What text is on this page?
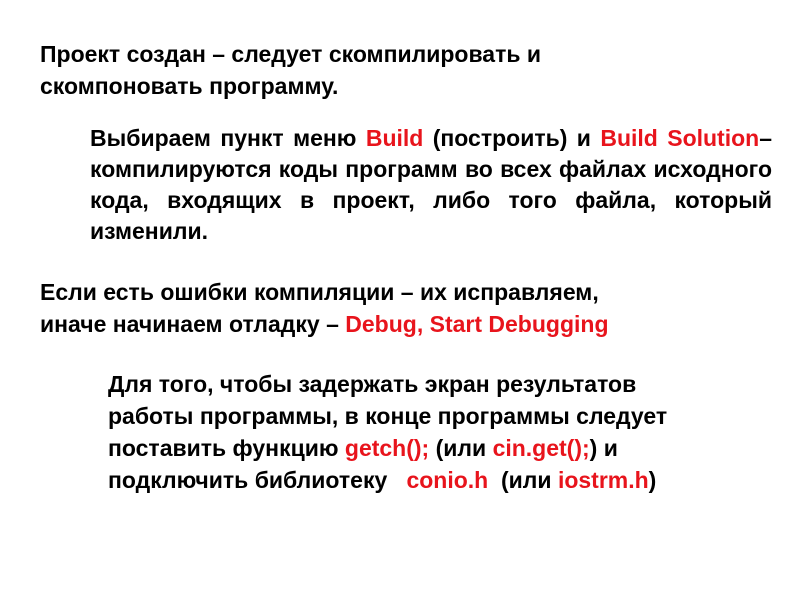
Проект создан – следует скомпилировать и
скомпоновать программу.

Выбираем пункт меню Build (построить) и Build Solution– компилируются коды программ во всех файлах исходного кода, входящих в проект, либо того файла, который изменили.

Если есть ошибки компиляции – их исправляем,
иначе начинаем отладку – Debug, Start Debugging

Для того, чтобы задержать экран результатов
работы программы, в конце программы следует
поставить функцию getch(); (или cin.get();) и
подключить библиотеку   conio.h  (или iostrm.h)
